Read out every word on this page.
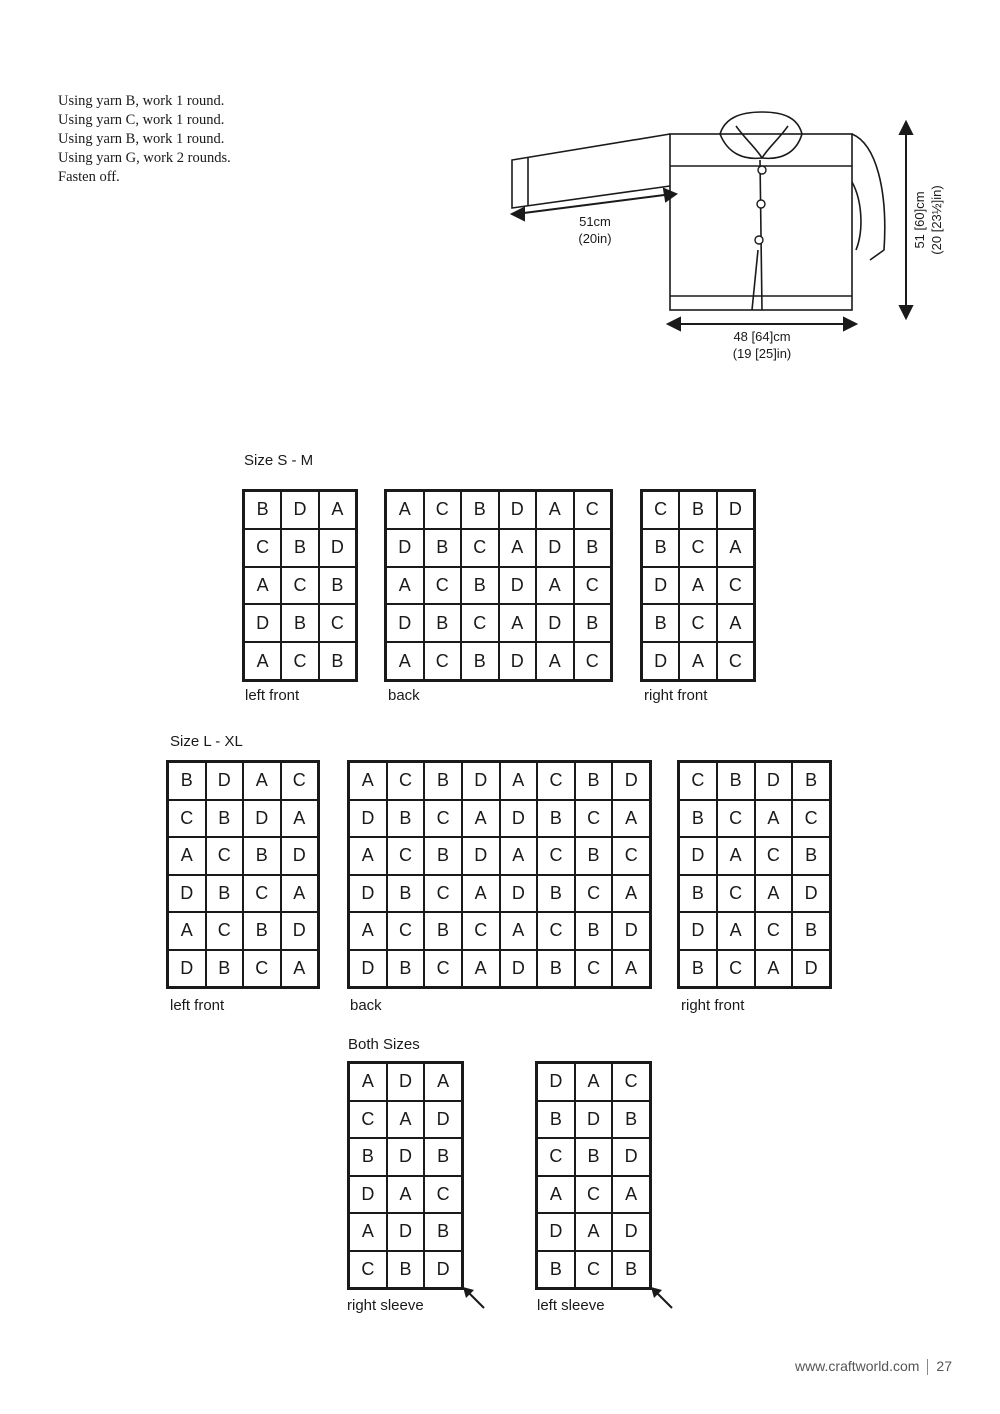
Using yarn B, work 1 round.
Using yarn C, work 1 round.
Using yarn B, work 1 round.
Using yarn G, work 2 rounds.
Fasten off.
51cm
(20in)
48 [64]cm
(19 [25]in)
51 [60]cm (20 [23½]in)
Size S - M
B	D	A
C	B	D
A	C	B
D	B	C
A	C	B
left front
A	C	B	D	A	C
D	B	C	A	D	B
A	C	B	D	A	C
D	B	C	A	D	B
A	C	B	D	A	C
back
C	B	D
B	C	A
D	A	C
B	C	A
D	A	C
right front
Size L - XL
B	D	A	C
C	B	D	A
A	C	B	D
D	B	C	A
A	C	B	D
D	B	C	A
left front
A	C	B	D	A	C	B	D
D	B	C	A	D	B	C	A
A	C	B	D	A	C	B	C
D	B	C	A	D	B	C	A
A	C	B	C	A	C	B	D
D	B	C	A	D	B	C	A
back
C	B	D	B
B	C	A	C
D	A	C	B
B	C	A	D
D	A	C	B
B	C	A	D
right front
Both Sizes
A	D	A
C	A	D
B	D	B
D	A	C
A	D	B
C	B	D
right sleeve
D	A	C
B	D	B
C	B	D
A	C	A
D	A	D
B	C	B
left sleeve
www.craftworld.com 27
